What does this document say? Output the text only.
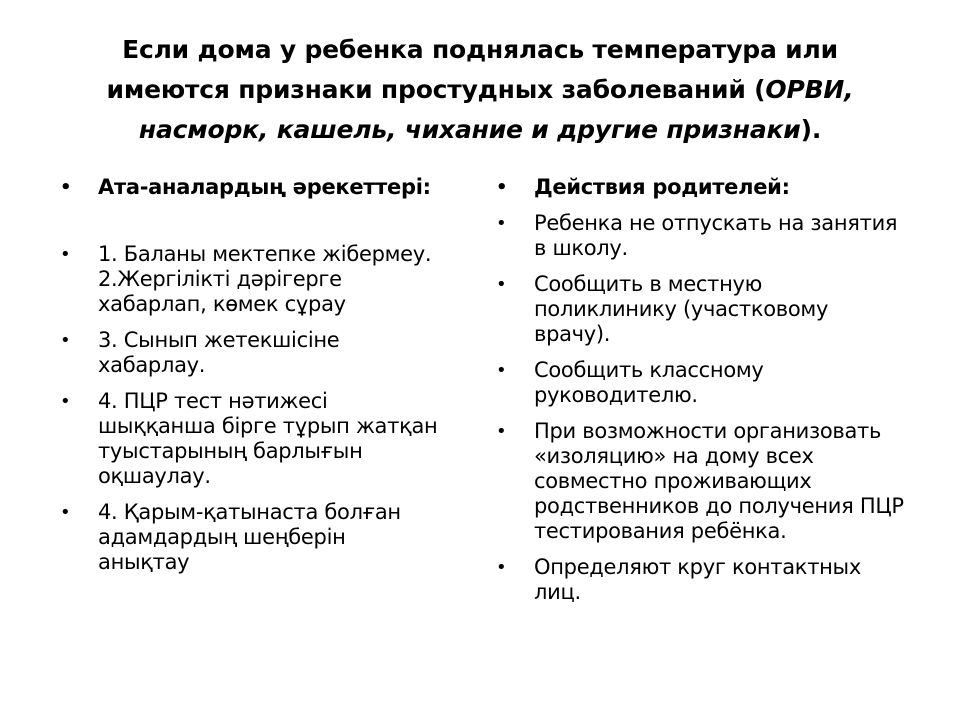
Если дома у ребенка поднялась температура или
имеются признаки простудных заболеваний (ОРВИ,
насморк, кашель, чихание и другие признаки).
• Ата-аналардың әрекеттері:
• 1. Баланы мектепке жібермеу. 2.Жергілікті дәрігерге хабарлап, көмек сұрау
• 3. Сынып жетекшісіне хабарлау.
• 4. ПЦР тест нәтижесі шыққанша бірге тұрып жатқан туыстарының барлығын оқшаулау.
• 4. Қарым-қатынаста болған адамдардың шеңберін анықтау
• Действия родителей:
• Ребенка не отпускать на занятия в школу.
• Сообщить в местную поликлинику (участковому врачу).
• Сообщить классному руководителю.
• При возможности организовать «изоляцию» на дому всех совместно проживающих родственников до получения ПЦР тестирования ребёнка.
• Определяют круг контактных лиц.
